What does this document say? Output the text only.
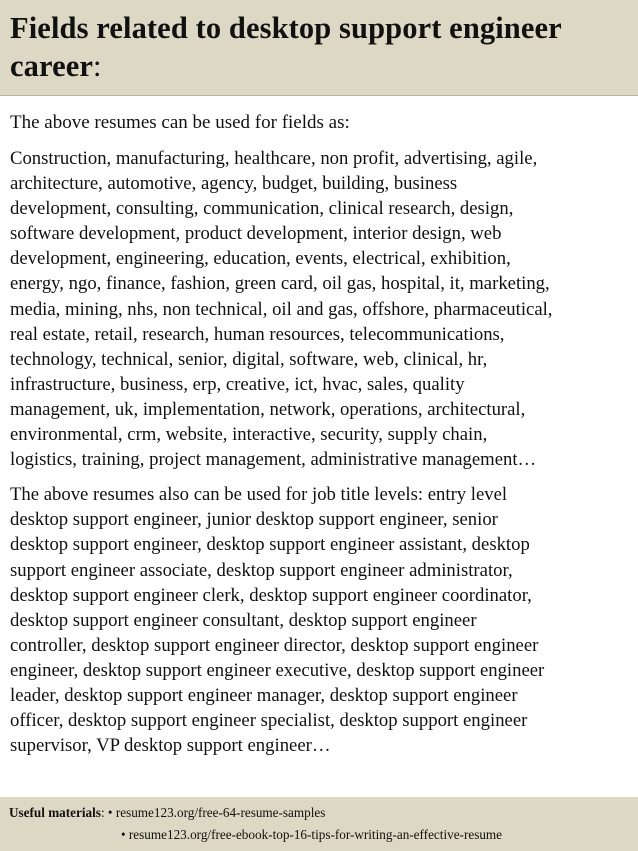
Fields related to desktop support engineer career:

The above resumes can be used for fields as:

Construction, manufacturing, healthcare, non profit, advertising, agile,
architecture, automotive, agency, budget, building, business
development, consulting, communication, clinical research, design,
software development, product development, interior design, web
development, engineering, education, events, electrical, exhibition,
energy, ngo, finance, fashion, green card, oil gas, hospital, it, marketing,
media, mining, nhs, non technical, oil and gas, offshore, pharmaceutical,
real estate, retail, research, human resources, telecommunications,
technology, technical, senior, digital, software, web, clinical, hr,
infrastructure, business, erp, creative, ict, hvac, sales, quality
management, uk, implementation, network, operations, architectural,
environmental, crm, website, interactive, security, supply chain,
logistics, training, project management, administrative management…

The above resumes also can be used for job title levels: entry level
desktop support engineer, junior desktop support engineer, senior
desktop support engineer, desktop support engineer assistant, desktop
support engineer associate, desktop support engineer administrator,
desktop support engineer clerk, desktop support engineer coordinator,
desktop support engineer consultant, desktop support engineer
controller, desktop support engineer director, desktop support engineer
engineer, desktop support engineer executive, desktop support engineer
leader, desktop support engineer manager, desktop support engineer
officer, desktop support engineer specialist, desktop support engineer
supervisor, VP desktop support engineer…

Useful materials: • resume123.org/free-64-resume-samples
• resume123.org/free-ebook-top-16-tips-for-writing-an-effective-resume
